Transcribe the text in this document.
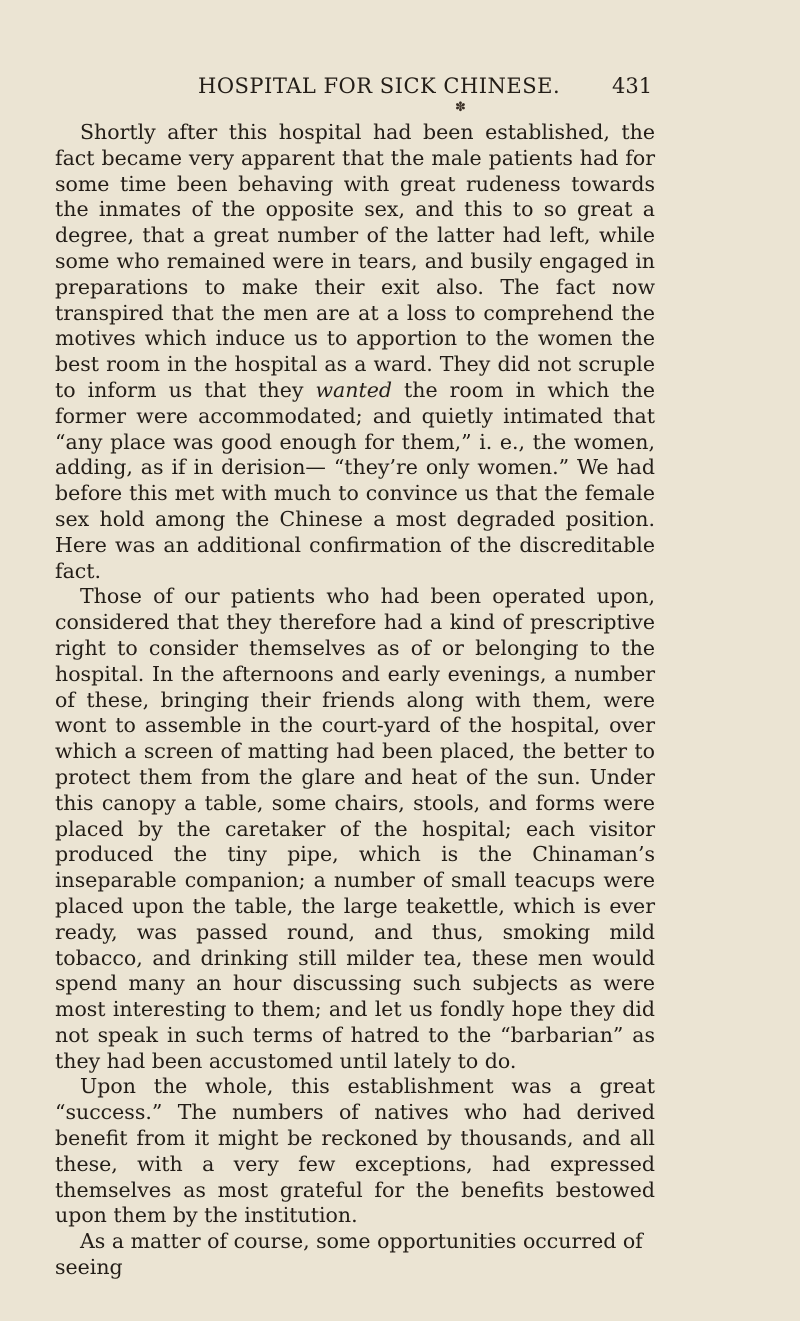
HOSPITAL FOR SICK CHINESE. 431
✽

Shortly after this hospital had been established, the fact became very apparent that the male patients had for some time been behaving with great rudeness towards the inmates of the opposite sex, and this to so great a degree, that a great number of the latter had left, while some who remained were in tears, and busily engaged in preparations to make their exit also. The fact now transpired that the men are at a loss to comprehend the motives which induce us to apportion to the women the best room in the hospital as a ward. They did not scruple to inform us that they wanted the room in which the former were accommodated; and quietly intimated that “any place was good enough for them,” i. e., the women, adding, as if in derision— “they’re only women.” We had before this met with much to convince us that the female sex hold among the Chinese a most degraded position. Here was an additional confirmation of the discreditable fact.

Those of our patients who had been operated upon, considered that they therefore had a kind of prescriptive right to consider themselves as of or belonging to the hospital. In the afternoons and early evenings, a number of these, bringing their friends along with them, were wont to assemble in the court-yard of the hospital, over which a screen of matting had been placed, the better to protect them from the glare and heat of the sun. Under this canopy a table, some chairs, stools, and forms were placed by the caretaker of the hospital; each visitor produced the tiny pipe, which is the Chinaman’s inseparable companion; a number of small teacups were placed upon the table, the large teakettle, which is ever ready, was passed round, and thus, smoking mild tobacco, and drinking still milder tea, these men would spend many an hour discussing such subjects as were most interesting to them; and let us fondly hope they did not speak in such terms of hatred to the “barbarian” as they had been accustomed until lately to do.

Upon the whole, this establishment was a great “success.” The numbers of natives who had derived benefit from it might be reckoned by thousands, and all these, with a very few exceptions, had expressed themselves as most grateful for the benefits bestowed upon them by the institution.

As a matter of course, some opportunities occurred of seeing
